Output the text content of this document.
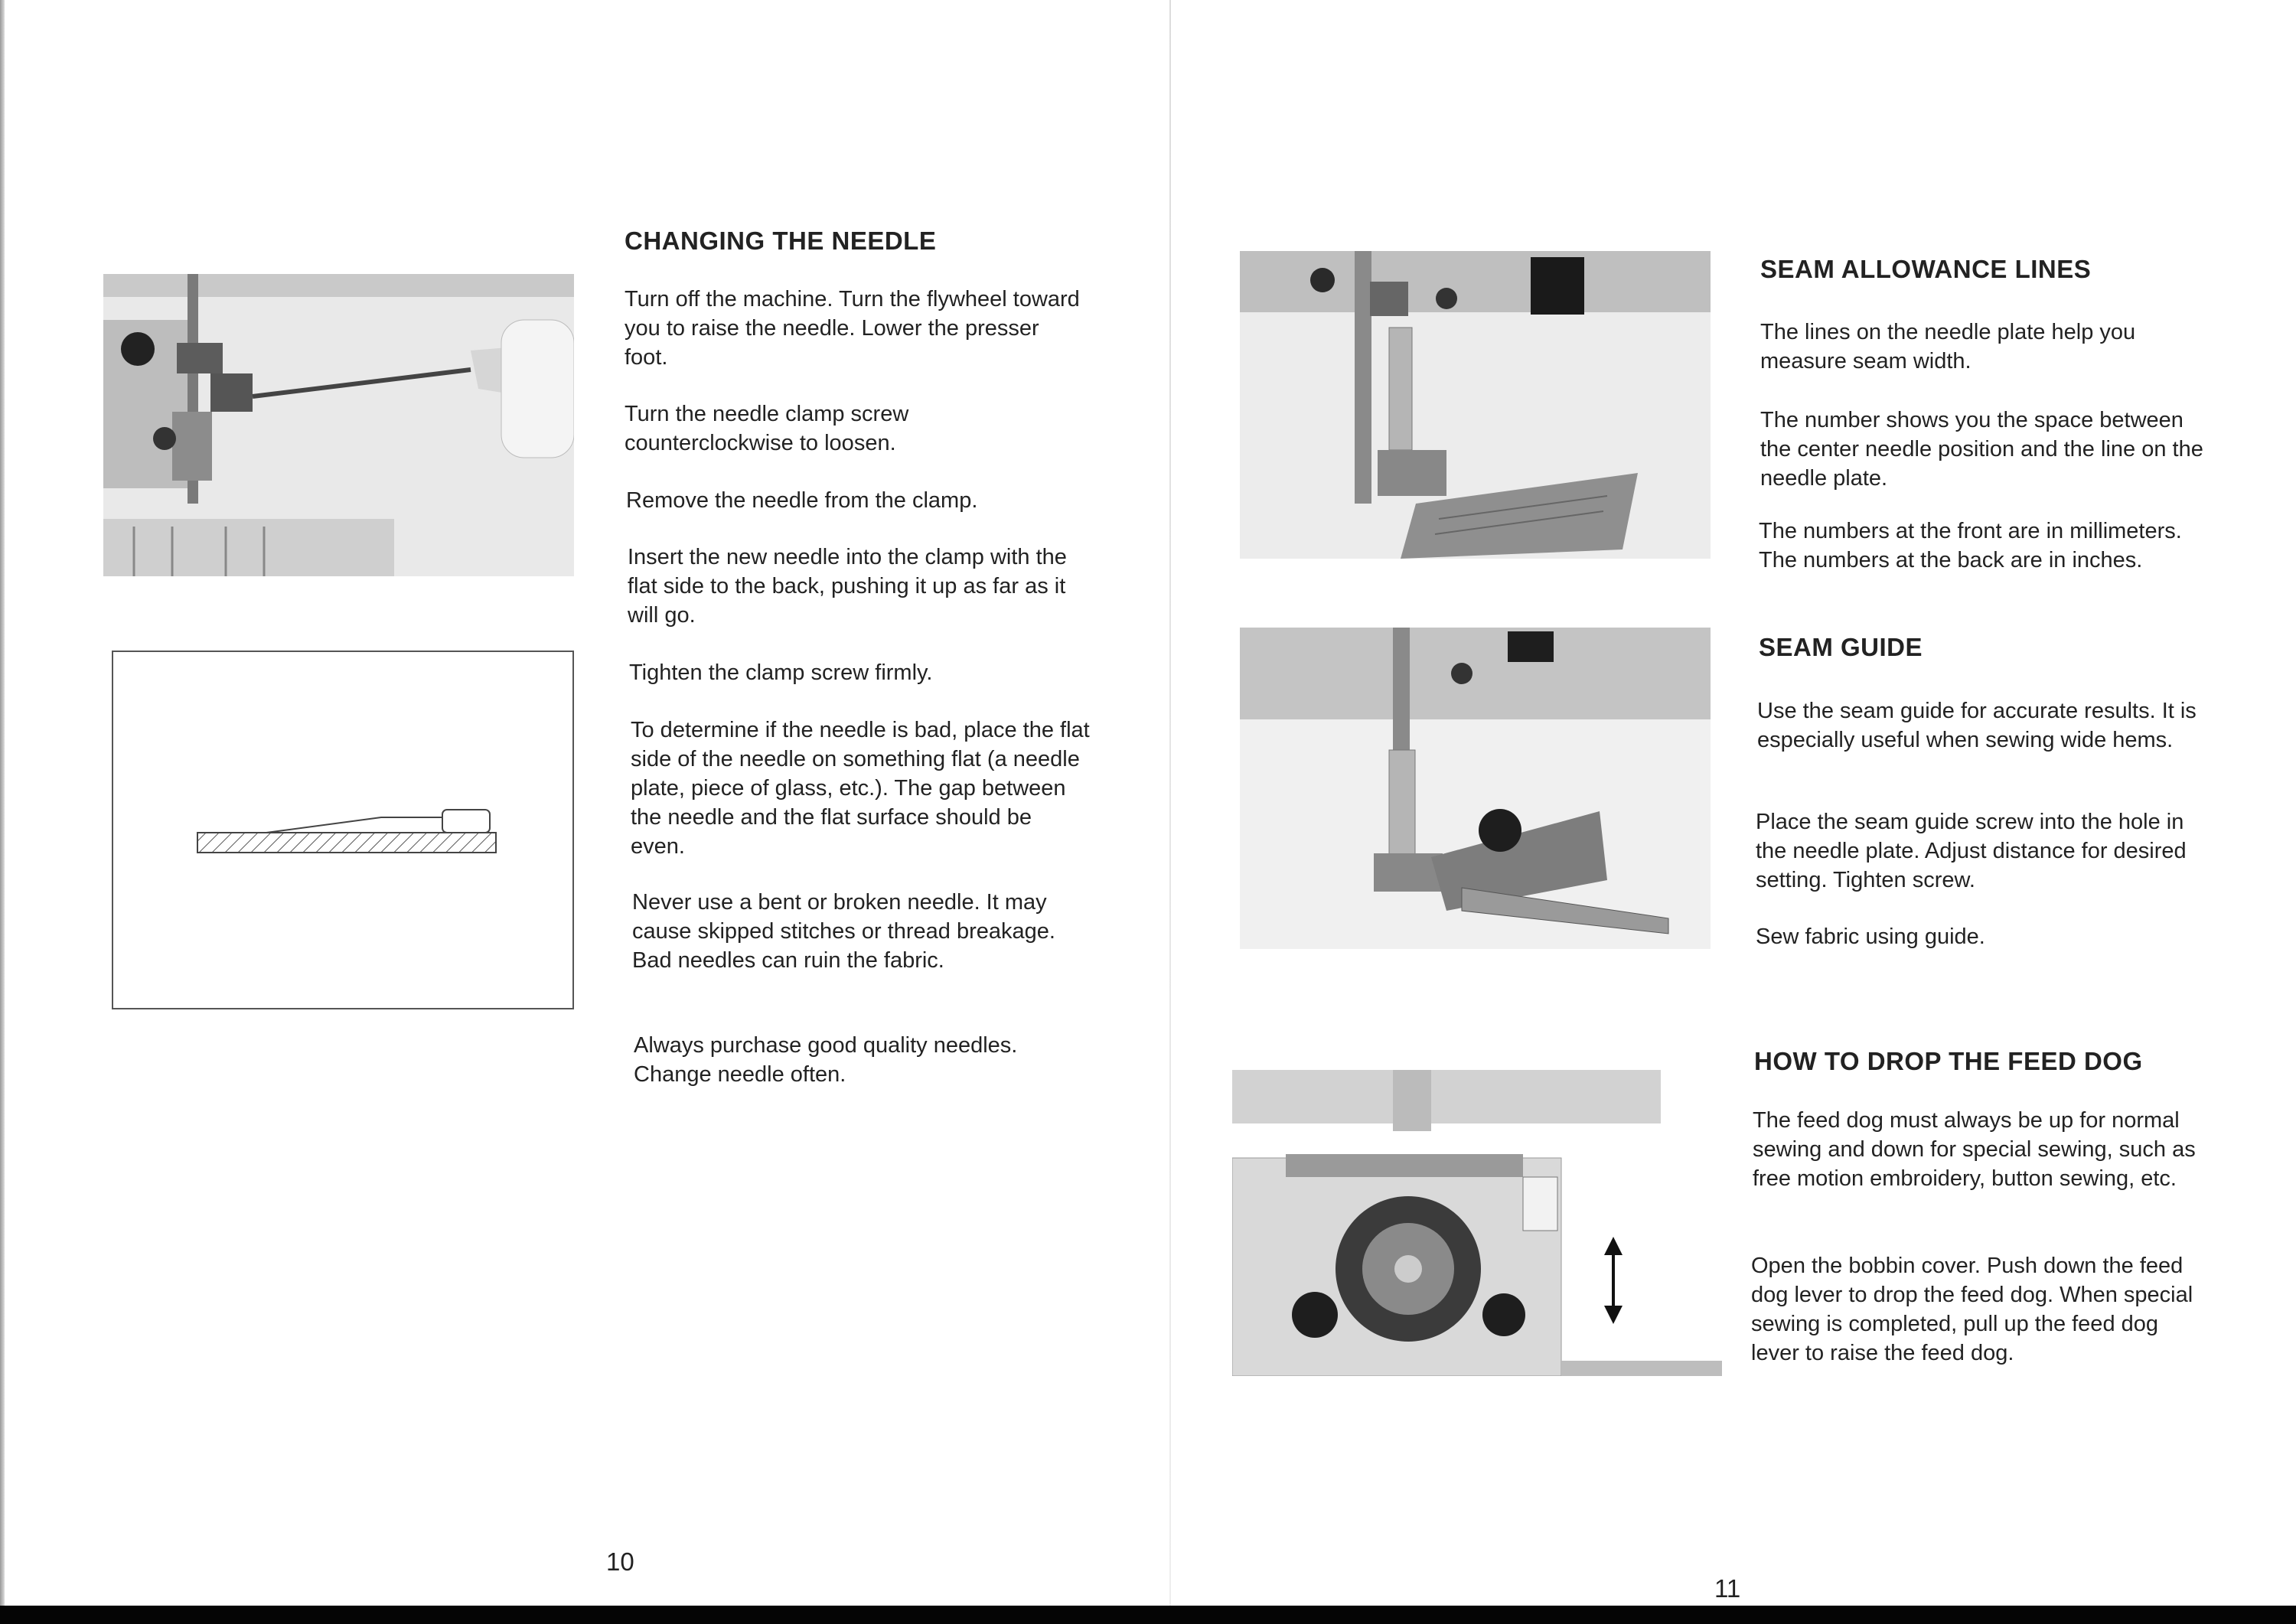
CHANGING THE NEEDLE

Turn off the machine. Turn the flywheel toward you to raise the needle. Lower the presser foot.

Turn the needle clamp screw counterclockwise to loosen.

Remove the needle from the clamp.

Insert the new needle into the clamp with the flat side to the back, pushing it up as far as it will go.

Tighten the clamp screw firmly.

To determine if the needle is bad, place the flat side of the needle on something flat (a needle plate, piece of glass, etc.). The gap between the needle and the flat surface should be even.

Never use a bent or broken needle. It may cause skipped stitches or thread breakage. Bad needles can ruin the fabric.

Always purchase good quality needles. Change needle often.

10
SEAM ALLOWANCE LINES

The lines on the needle plate help you measure seam width.

The number shows you the space between the center needle position and the line on the needle plate.

The numbers at the front are in millimeters. The numbers at the back are in inches.

SEAM GUIDE

Use the seam guide for accurate results. It is especially useful when sewing wide hems.

Place the seam guide screw into the hole in the needle plate. Adjust distance for desired setting. Tighten screw.

Sew fabric using guide.

HOW TO DROP THE FEED DOG

The feed dog must always be up for normal sewing and down for special sewing, such as free motion embroidery, button sewing, etc.

Open the bobbin cover. Push down the feed dog lever to drop the feed dog. When special sewing is completed, pull up the feed dog lever to raise the feed dog.

11
